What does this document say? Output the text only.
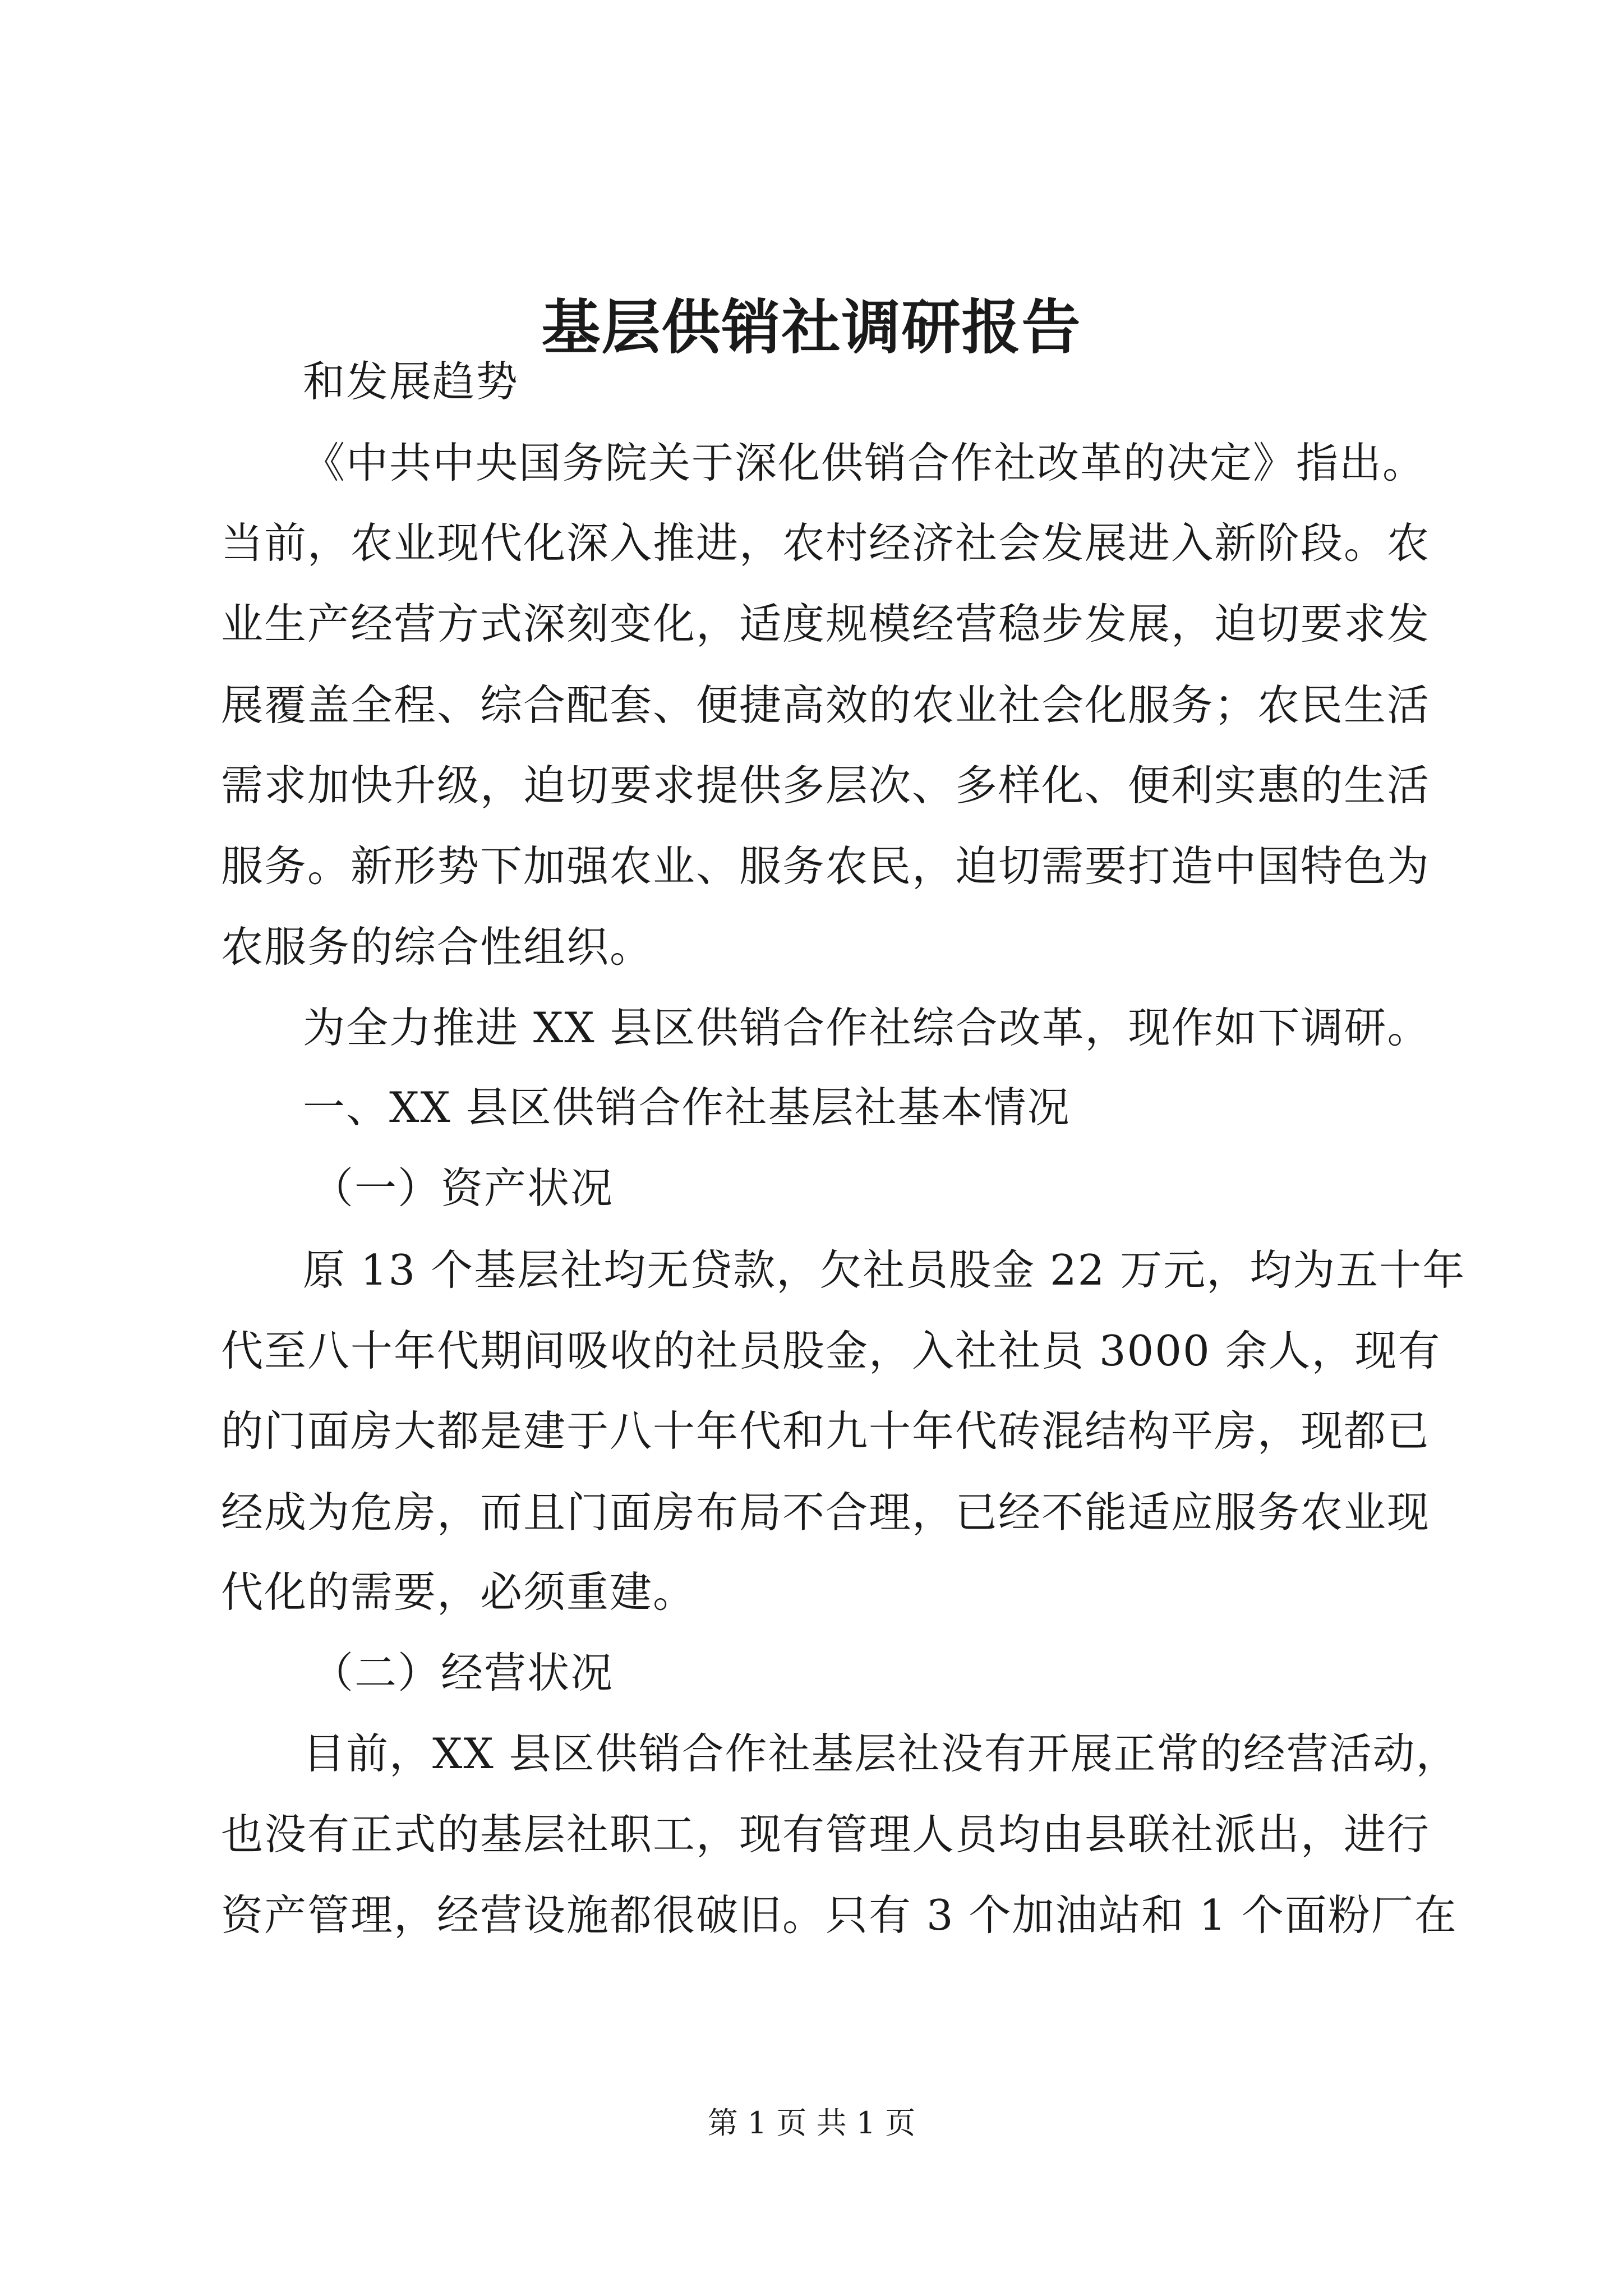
基层供销社调研报告
和发展趋势
《中共中央国务院关于深化供销合作社改革的决定》指出。
当前，农业现代化深入推进，农村经济社会发展进入新阶段。农
业生产经营方式深刻变化，适度规模经营稳步发展，迫切要求发
展覆盖全程、综合配套、便捷高效的农业社会化服务；农民生活
需求加快升级，迫切要求提供多层次、多样化、便利实惠的生活
服务。新形势下加强农业、服务农民，迫切需要打造中国特色为
农服务的综合性组织。
为全力推进 XX 县区供销合作社综合改革，现作如下调研。
一、XX 县区供销合作社基层社基本情况
（一）资产状况
原 13 个基层社均无贷款，欠社员股金 22 万元，均为五十年
代至八十年代期间吸收的社员股金，入社社员 3000 余人，现有
的门面房大都是建于八十年代和九十年代砖混结构平房，现都已
经成为危房，而且门面房布局不合理，已经不能适应服务农业现
代化的需要，必须重建。
（二）经营状况
目前，XX 县区供销合作社基层社没有开展正常的经营活动，
也没有正式的基层社职工，现有管理人员均由县联社派出，进行
资产管理，经营设施都很破旧。只有 3 个加油站和 1 个面粉厂在
第 1 页 共 1 页
